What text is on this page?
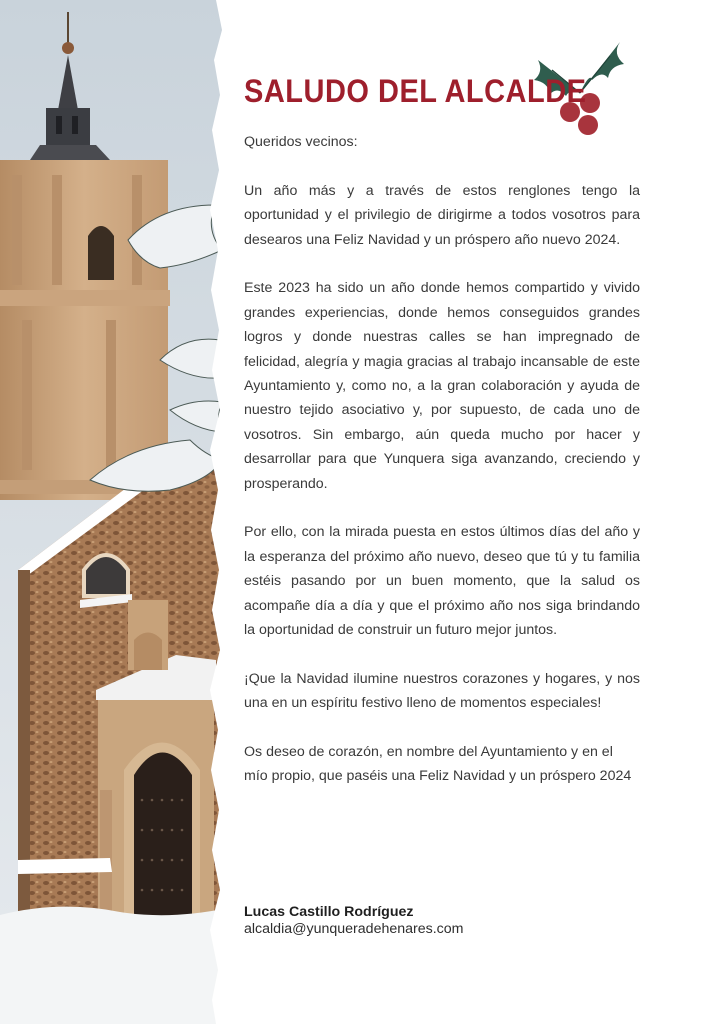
SALUDO DEL ALCALDE

Queridos vecinos:

Un año más y a través de estos renglones tengo la oportunidad y el privilegio de dirigirme a todos vosotros para desearos una Feliz Navidad y un próspero año nuevo 2024.

Este 2023 ha sido un año donde hemos compartido y vivido grandes experiencias, donde hemos conseguidos grandes logros y donde nuestras calles se han impregnado de felicidad, alegría y magia gracias al trabajo incansable de este Ayuntamiento y, como no, a la gran colaboración y ayuda de nuestro tejido asociativo y, por supuesto, de cada uno de vosotros. Sin embargo, aún queda mucho por hacer y desarrollar para que Yunquera siga avanzando, creciendo y prosperando.

Por ello, con la mirada puesta en estos últimos días del año y la esperanza del próximo año nuevo, deseo que tú y tu familia estéis pasando por un buen momento, que la salud os acompañe día a día y que el próximo año nos siga brindando la oportunidad de construir un futuro mejor juntos.

¡Que la Navidad ilumine nuestros corazones y hogares, y nos una en un espíritu festivo lleno de momentos especiales!

Os deseo de corazón, en nombre del Ayuntamiento y en el mío propio, que paséis una Feliz Navidad y un próspero 2024

Lucas Castillo Rodríguez
alcaldia@yunqueradehenares.com
